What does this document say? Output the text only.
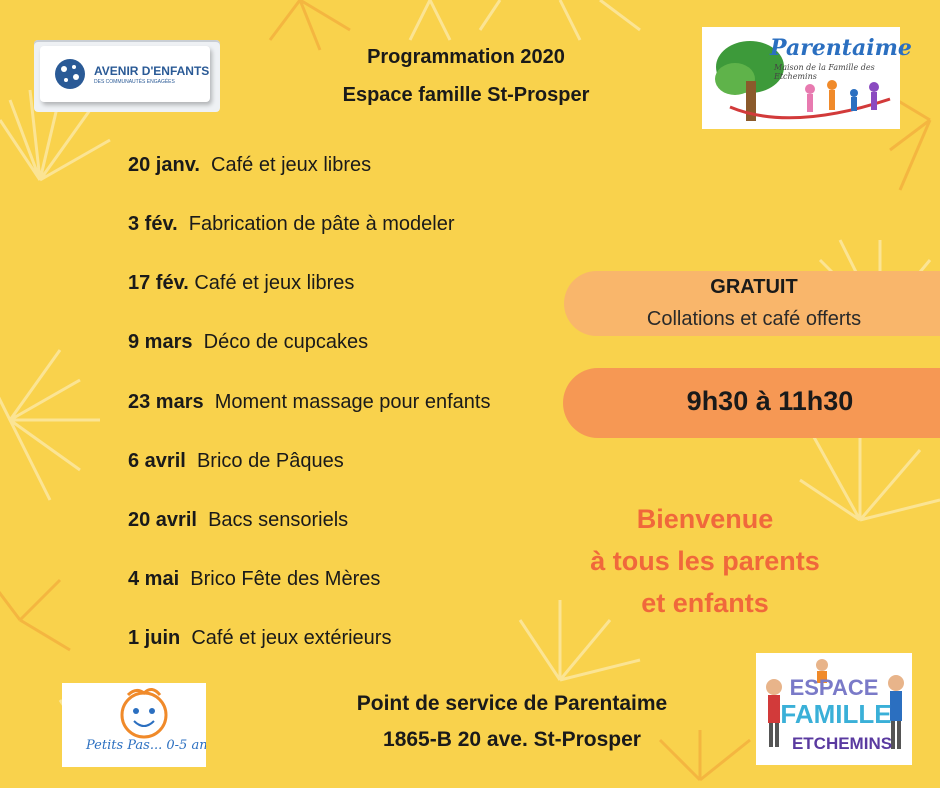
AVENIR D'ENFANTS
DES COMMUNAUTÉS ENGAGÉES
Parentaime
Maison de la Famille des Etchemins
Programmation 2020
Espace famille St-Prosper
20 janv. Café et jeux libres
3 fév. Fabrication de pâte à modeler
17 fév. Café et jeux libres
9 mars Déco de cupcakes
23 mars Moment massage pour enfants
6 avril Brico de Pâques
20 avril Bacs sensoriels
4 mai Brico Fête des Mères
1 juin Café et jeux extérieurs
GRATUIT
Collations et café offerts
9h30 à 11h30
Bienvenue
à tous les parents
et enfants
Petits Pas... 0-5 ans
ESPACE
FAMILLE
ETCHEMINS
Point de service de Parentaime
1865-B 20 ave. St-Prosper
